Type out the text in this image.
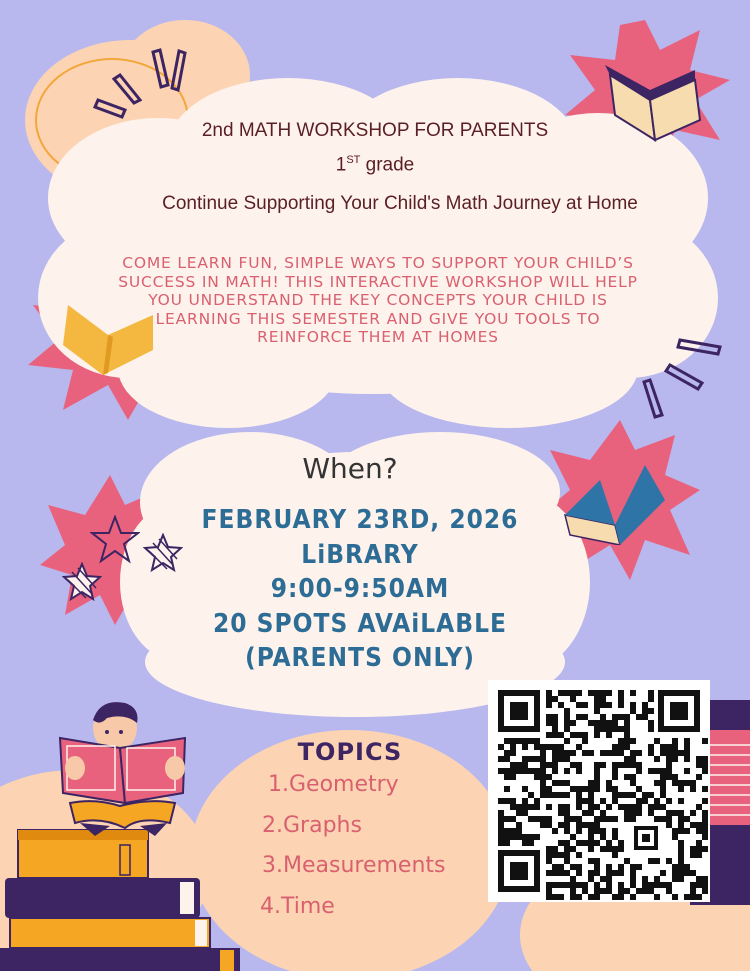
2nd MATH WORKSHOP FOR PARENTS
1ST grade
Continue Supporting Your Child's Math Journey at Home
COME LEARN FUN, SIMPLE WAYS TO SUPPORT YOUR CHILD’S SUCCESS IN MATH! THIS INTERACTIVE WORKSHOP WILL HELP YOU UNDERSTAND THE KEY CONCEPTS YOUR CHILD IS LEARNING THIS SEMESTER AND GIVE YOU TOOLS TO REINFORCE THEM AT HOMES
When?
FEBRUARY 23RD, 2026
LiBRARY
9:00-9:50AM
20 SPOTS AVAiLABLE
(PARENTS ONLY)
TOPICS
1.Geometry
2.Graphs
3.Measurements
4.Time
